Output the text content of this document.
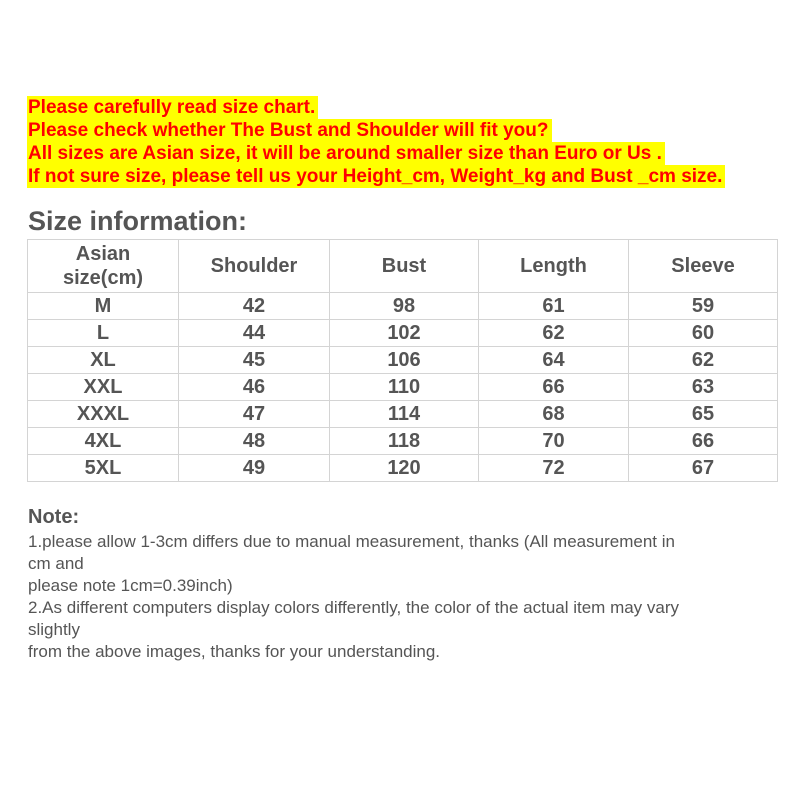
Please carefully read size chart.
Please check whether The Bust and Shoulder will fit you?
All sizes are Asian size, it will be around smaller size than Euro or Us .
If not sure size, please tell us your Height_cm, Weight_kg and Bust _cm size.
Size information:
Asian
size(cm)	Shoulder	Bust	Length	Sleeve
M	42	98	61	59
L	44	102	62	60
XL	45	106	64	62
XXL	46	110	66	63
XXXL	47	114	68	65
4XL	48	118	70	66
5XL	49	120	72	67

Note:

1.please allow 1-3cm differs due to manual measurement, thanks (All measurement in

cm and

please note 1cm=0.39inch)

2.As different computers display colors differently, the color of the actual item may vary

slightly

from the above images, thanks for your understanding.
